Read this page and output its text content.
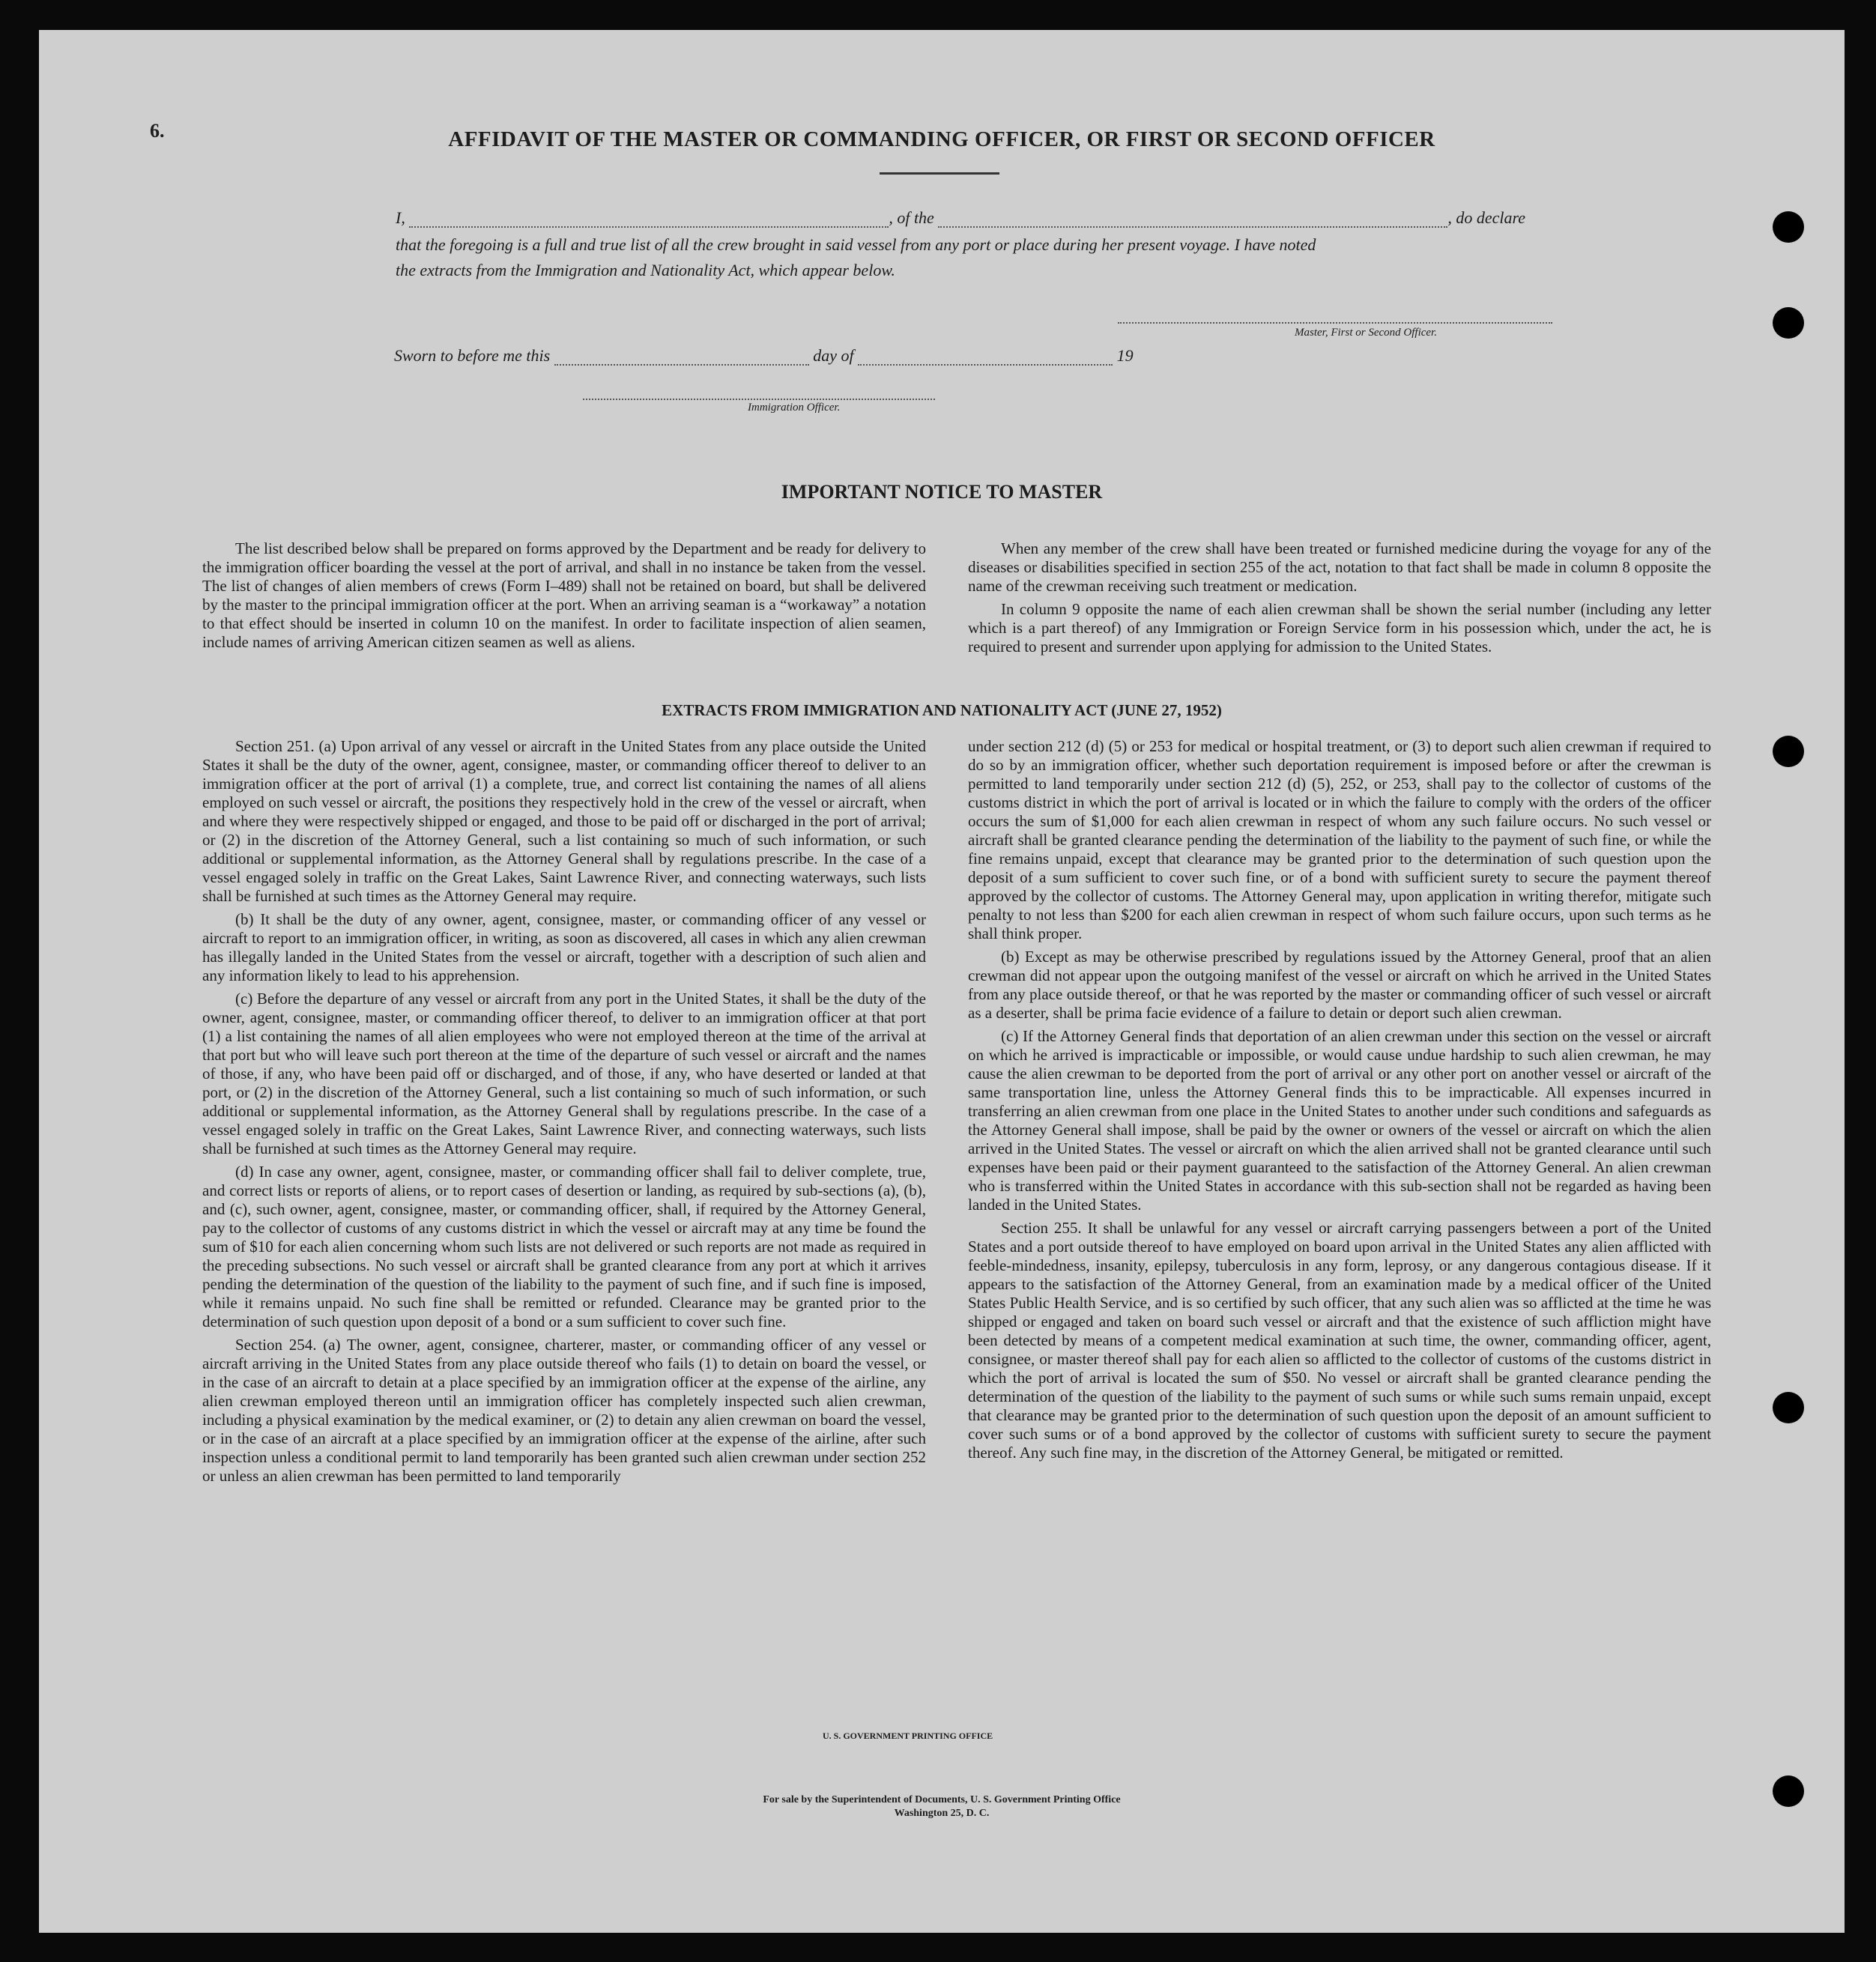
6.	AFFIDAVIT OF THE MASTER OR COMMANDING OFFICER, OR FIRST OR SECOND OFFICER
I,	, of the	, do declare
that the foregoing is a full and true list of all the crew brought in said vessel from any port or place during her present voyage. I have noted
the extracts from the Immigration and Nationality Act, which appear below.
Master, First or Second Officer.
Sworn to before me this	day of	19
Immigration Officer.
IMPORTANT NOTICE TO MASTER

The list described below shall be prepared on forms approved by the Department and be ready for delivery to the immigration officer boarding the vessel at the port of arrival, and shall in no instance be taken from the vessel. The list of changes of alien members of crews (Form I–489) shall not be retained on board, but shall be delivered by the master to the principal immigration officer at the port. When an arriving seaman is a “workaway” a notation to that effect should be inserted in column 10 on the manifest. In order to facilitate inspection of alien seamen, include names of arriving American citizen seamen as well as aliens.

When any member of the crew shall have been treated or furnished medicine during the voyage for any of the diseases or disabilities specified in section 255 of the act, notation to that fact shall be made in column 8 opposite the name of the crewman receiving such treatment or medication.

In column 9 opposite the name of each alien crewman shall be shown the serial number (including any letter which is a part thereof) of any Immigration or Foreign Service form in his possession which, under the act, he is required to present and surrender upon applying for admission to the United States.

EXTRACTS FROM IMMIGRATION AND NATIONALITY ACT (JUNE 27, 1952)

Section 251. (a) Upon arrival of any vessel or aircraft in the United States from any place outside the United States it shall be the duty of the owner, agent, consignee, master, or commanding officer thereof to deliver to an immigration officer at the port of arrival (1) a complete, true, and correct list containing the names of all aliens employed on such vessel or aircraft, the positions they respectively hold in the crew of the vessel or aircraft, when and where they were respectively shipped or engaged, and those to be paid off or discharged in the port of arrival; or (2) in the discretion of the Attorney General, such a list containing so much of such information, or such additional or supplemental information, as the Attorney General shall by regulations prescribe. In the case of a vessel engaged solely in traffic on the Great Lakes, Saint Lawrence River, and connecting waterways, such lists shall be furnished at such times as the Attorney General may require.

(b) It shall be the duty of any owner, agent, consignee, master, or commanding officer of any vessel or aircraft to report to an immigration officer, in writing, as soon as discovered, all cases in which any alien crewman has illegally landed in the United States from the vessel or aircraft, together with a description of such alien and any information likely to lead to his apprehension.

(c) Before the departure of any vessel or aircraft from any port in the United States, it shall be the duty of the owner, agent, consignee, master, or commanding officer thereof, to deliver to an immigration officer at that port (1) a list containing the names of all alien employees who were not employed thereon at the time of the arrival at that port but who will leave such port thereon at the time of the departure of such vessel or aircraft and the names of those, if any, who have been paid off or discharged, and of those, if any, who have deserted or landed at that port, or (2) in the discretion of the Attorney General, such a list containing so much of such information, or such additional or supplemental information, as the Attorney General shall by regulations prescribe. In the case of a vessel engaged solely in traffic on the Great Lakes, Saint Lawrence River, and connecting waterways, such lists shall be furnished at such times as the Attorney General may require.

(d) In case any owner, agent, consignee, master, or commanding officer shall fail to deliver complete, true, and correct lists or reports of aliens, or to report cases of desertion or landing, as required by sub-sections (a), (b), and (c), such owner, agent, consignee, master, or commanding officer, shall, if required by the Attorney General, pay to the collector of customs of any customs district in which the vessel or aircraft may at any time be found the sum of $10 for each alien concerning whom such lists are not delivered or such reports are not made as required in the preceding subsections. No such vessel or aircraft shall be granted clearance from any port at which it arrives pending the determination of the question of the liability to the payment of such fine, and if such fine is imposed, while it remains unpaid. No such fine shall be remitted or refunded. Clearance may be granted prior to the determination of such question upon deposit of a bond or a sum sufficient to cover such fine.

Section 254. (a) The owner, agent, consignee, charterer, master, or commanding officer of any vessel or aircraft arriving in the United States from any place outside thereof who fails (1) to detain on board the vessel, or in the case of an aircraft to detain at a place specified by an immigration officer at the expense of the airline, any alien crewman employed thereon until an immigration officer has completely inspected such alien crewman, including a physical examination by the medical examiner, or (2) to detain any alien crewman on board the vessel, or in the case of an aircraft at a place specified by an immigration officer at the expense of the airline, after such inspection unless a conditional permit to land temporarily has been granted such alien crewman under section 252 or unless an alien crewman has been permitted to land temporarily

under section 212 (d) (5) or 253 for medical or hospital treatment, or (3) to deport such alien crewman if required to do so by an immigration officer, whether such deportation requirement is imposed before or after the crewman is permitted to land temporarily under section 212 (d) (5), 252, or 253, shall pay to the collector of customs of the customs district in which the port of arrival is located or in which the failure to comply with the orders of the officer occurs the sum of $1,000 for each alien crewman in respect of whom any such failure occurs. No such vessel or aircraft shall be granted clearance pending the determination of the liability to the payment of such fine, or while the fine remains unpaid, except that clearance may be granted prior to the determination of such question upon the deposit of a sum sufficient to cover such fine, or of a bond with sufficient surety to secure the payment thereof approved by the collector of customs. The Attorney General may, upon application in writing therefor, mitigate such penalty to not less than $200 for each alien crewman in respect of whom such failure occurs, upon such terms as he shall think proper.

(b) Except as may be otherwise prescribed by regulations issued by the Attorney General, proof that an alien crewman did not appear upon the outgoing manifest of the vessel or aircraft on which he arrived in the United States from any place outside thereof, or that he was reported by the master or commanding officer of such vessel or aircraft as a deserter, shall be prima facie evidence of a failure to detain or deport such alien crewman.

(c) If the Attorney General finds that deportation of an alien crewman under this section on the vessel or aircraft on which he arrived is impracticable or impossible, or would cause undue hardship to such alien crewman, he may cause the alien crewman to be deported from the port of arrival or any other port on another vessel or aircraft of the same transportation line, unless the Attorney General finds this to be impracticable. All expenses incurred in transferring an alien crewman from one place in the United States to another under such conditions and safeguards as the Attorney General shall impose, shall be paid by the owner or owners of the vessel or aircraft on which the alien arrived in the United States. The vessel or aircraft on which the alien arrived shall not be granted clearance until such expenses have been paid or their payment guaranteed to the satisfaction of the Attorney General. An alien crewman who is transferred within the United States in accordance with this sub-section shall not be regarded as having been landed in the United States.

Section 255. It shall be unlawful for any vessel or aircraft carrying passengers between a port of the United States and a port outside thereof to have employed on board upon arrival in the United States any alien afflicted with feeble-mindedness, insanity, epilepsy, tuberculosis in any form, leprosy, or any dangerous contagious disease. If it appears to the satisfaction of the Attorney General, from an examination made by a medical officer of the United States Public Health Service, and is so certified by such officer, that any such alien was so afflicted at the time he was shipped or engaged and taken on board such vessel or aircraft and that the existence of such affliction might have been detected by means of a competent medical examination at such time, the owner, commanding officer, agent, consignee, or master thereof shall pay for each alien so afflicted to the collector of customs of the customs district in which the port of arrival is located the sum of $50. No vessel or aircraft shall be granted clearance pending the determination of the question of the liability to the payment of such sums or while such sums remain unpaid, except that clearance may be granted prior to the determination of such question upon the deposit of an amount sufficient to cover such sums or of a bond approved by the collector of customs with sufficient surety to secure the payment thereof. Any such fine may, in the discretion of the Attorney General, be mitigated or remitted.

U. S. GOVERNMENT PRINTING OFFICE
For sale by the Superintendent of Documents, U. S. Government Printing Office
Washington 25, D. C.
